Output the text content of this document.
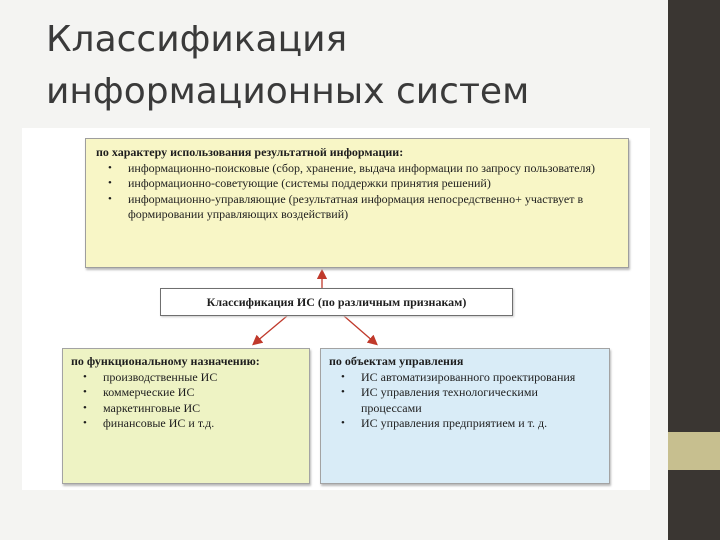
Классификация
информационных систем
по характеру использования результатной информации:
• информационно-поисковые (сбор, хранение, выдача информации по запросу пользователя)
• информационно-советующие (системы поддержки принятия решений)
• информационно-управляющие (результатная информация непосредственно+ участвует в формировании управляющих воздействий)
Классификация ИС (по различным признакам)
по функциональному назначению:
• производственные ИС
• коммерческие ИС
• маркетинговые ИС
• финансовые ИС и т.д.
по объектам управления
• ИС автоматизированного проектирования
• ИС управления технологическими процессами
• ИС управления предприятием и т. д.
